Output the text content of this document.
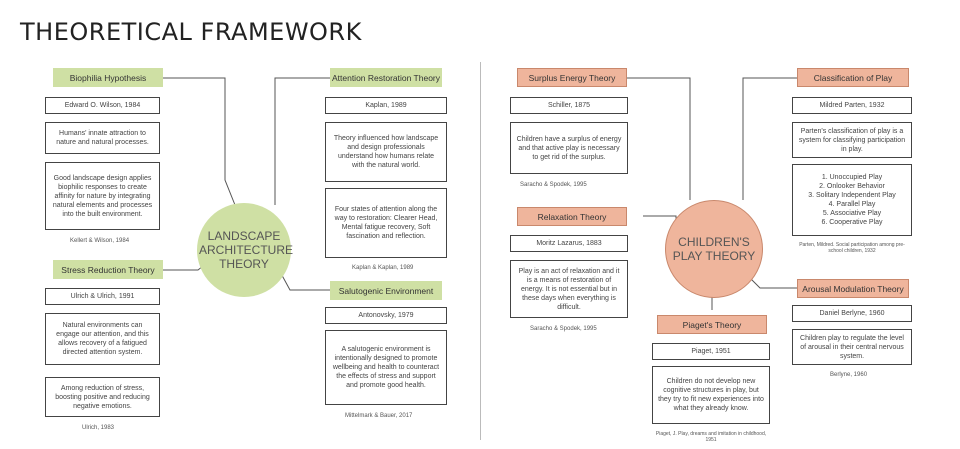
THEORETICAL FRAMEWORK
LANDSCAPE ARCHITECTURE THEORY
Biophilia Hypothesis
Edward O. Wilson, 1984
Humans' innate attraction to nature and natural processes.
Good landscape design applies biophilic responses to create affinity for nature by integrating natural elements and processes into the built environment.
Kellert & Wilson, 1984
Stress Reduction Theory
Ulrich & Ulrich, 1991
Natural environments can engage our attention, and this allows recovery of a fatigued directed attention system.
Among reduction of stress, boosting positive and reducing negative emotions.
Ulrich, 1983
Attention Restoration Theory
Kaplan, 1989
Theory influenced how landscape and design professionals understand how humans relate with the natural world.
Four states of attention along the way to restoration: Clearer Head, Mental fatigue recovery, Soft fascination and reflection.
Kaplan & Kaplan, 1989
Salutogenic Environment
Antonovsky, 1979
A salutogenic environment is intentionally designed to promote wellbeing and health to counteract the effects of stress and support and promote good health.
Mittelmark & Bauer, 2017
CHILDREN'S PLAY THEORY
Surplus Energy Theory
Schiller, 1875
Children have a surplus of energy and that active play is necessary to get rid of the surplus.
Saracho & Spodek, 1995
Relaxation Theory
Moritz Lazarus, 1883
Play is an act of relaxation and it is a means of restoration of energy. It is not essential but in these days when everything is difficult.
Saracho & Spodek, 1995
Classification of Play
Mildred Parten, 1932
Parten's classification of play is a system for classifying participation in play.
1. Unoccupied Play
2. Onlooker Behavior
3. Solitary Independent Play
4. Parallel Play
5. Associative Play
6. Cooperative Play
Parten, Mildred. Social participation among pre-school children, 1932
Arousal Modulation Theory
Daniel Berlyne, 1960
Children play to regulate the level of arousal in their central nervous system.
Berlyne, 1960
Piaget's Theory
Piaget, 1951
Children do not develop new cognitive structures in play, but they try to fit new experiences into what they already know.
Piaget, J. Play, dreams and imitation in childhood, 1951
